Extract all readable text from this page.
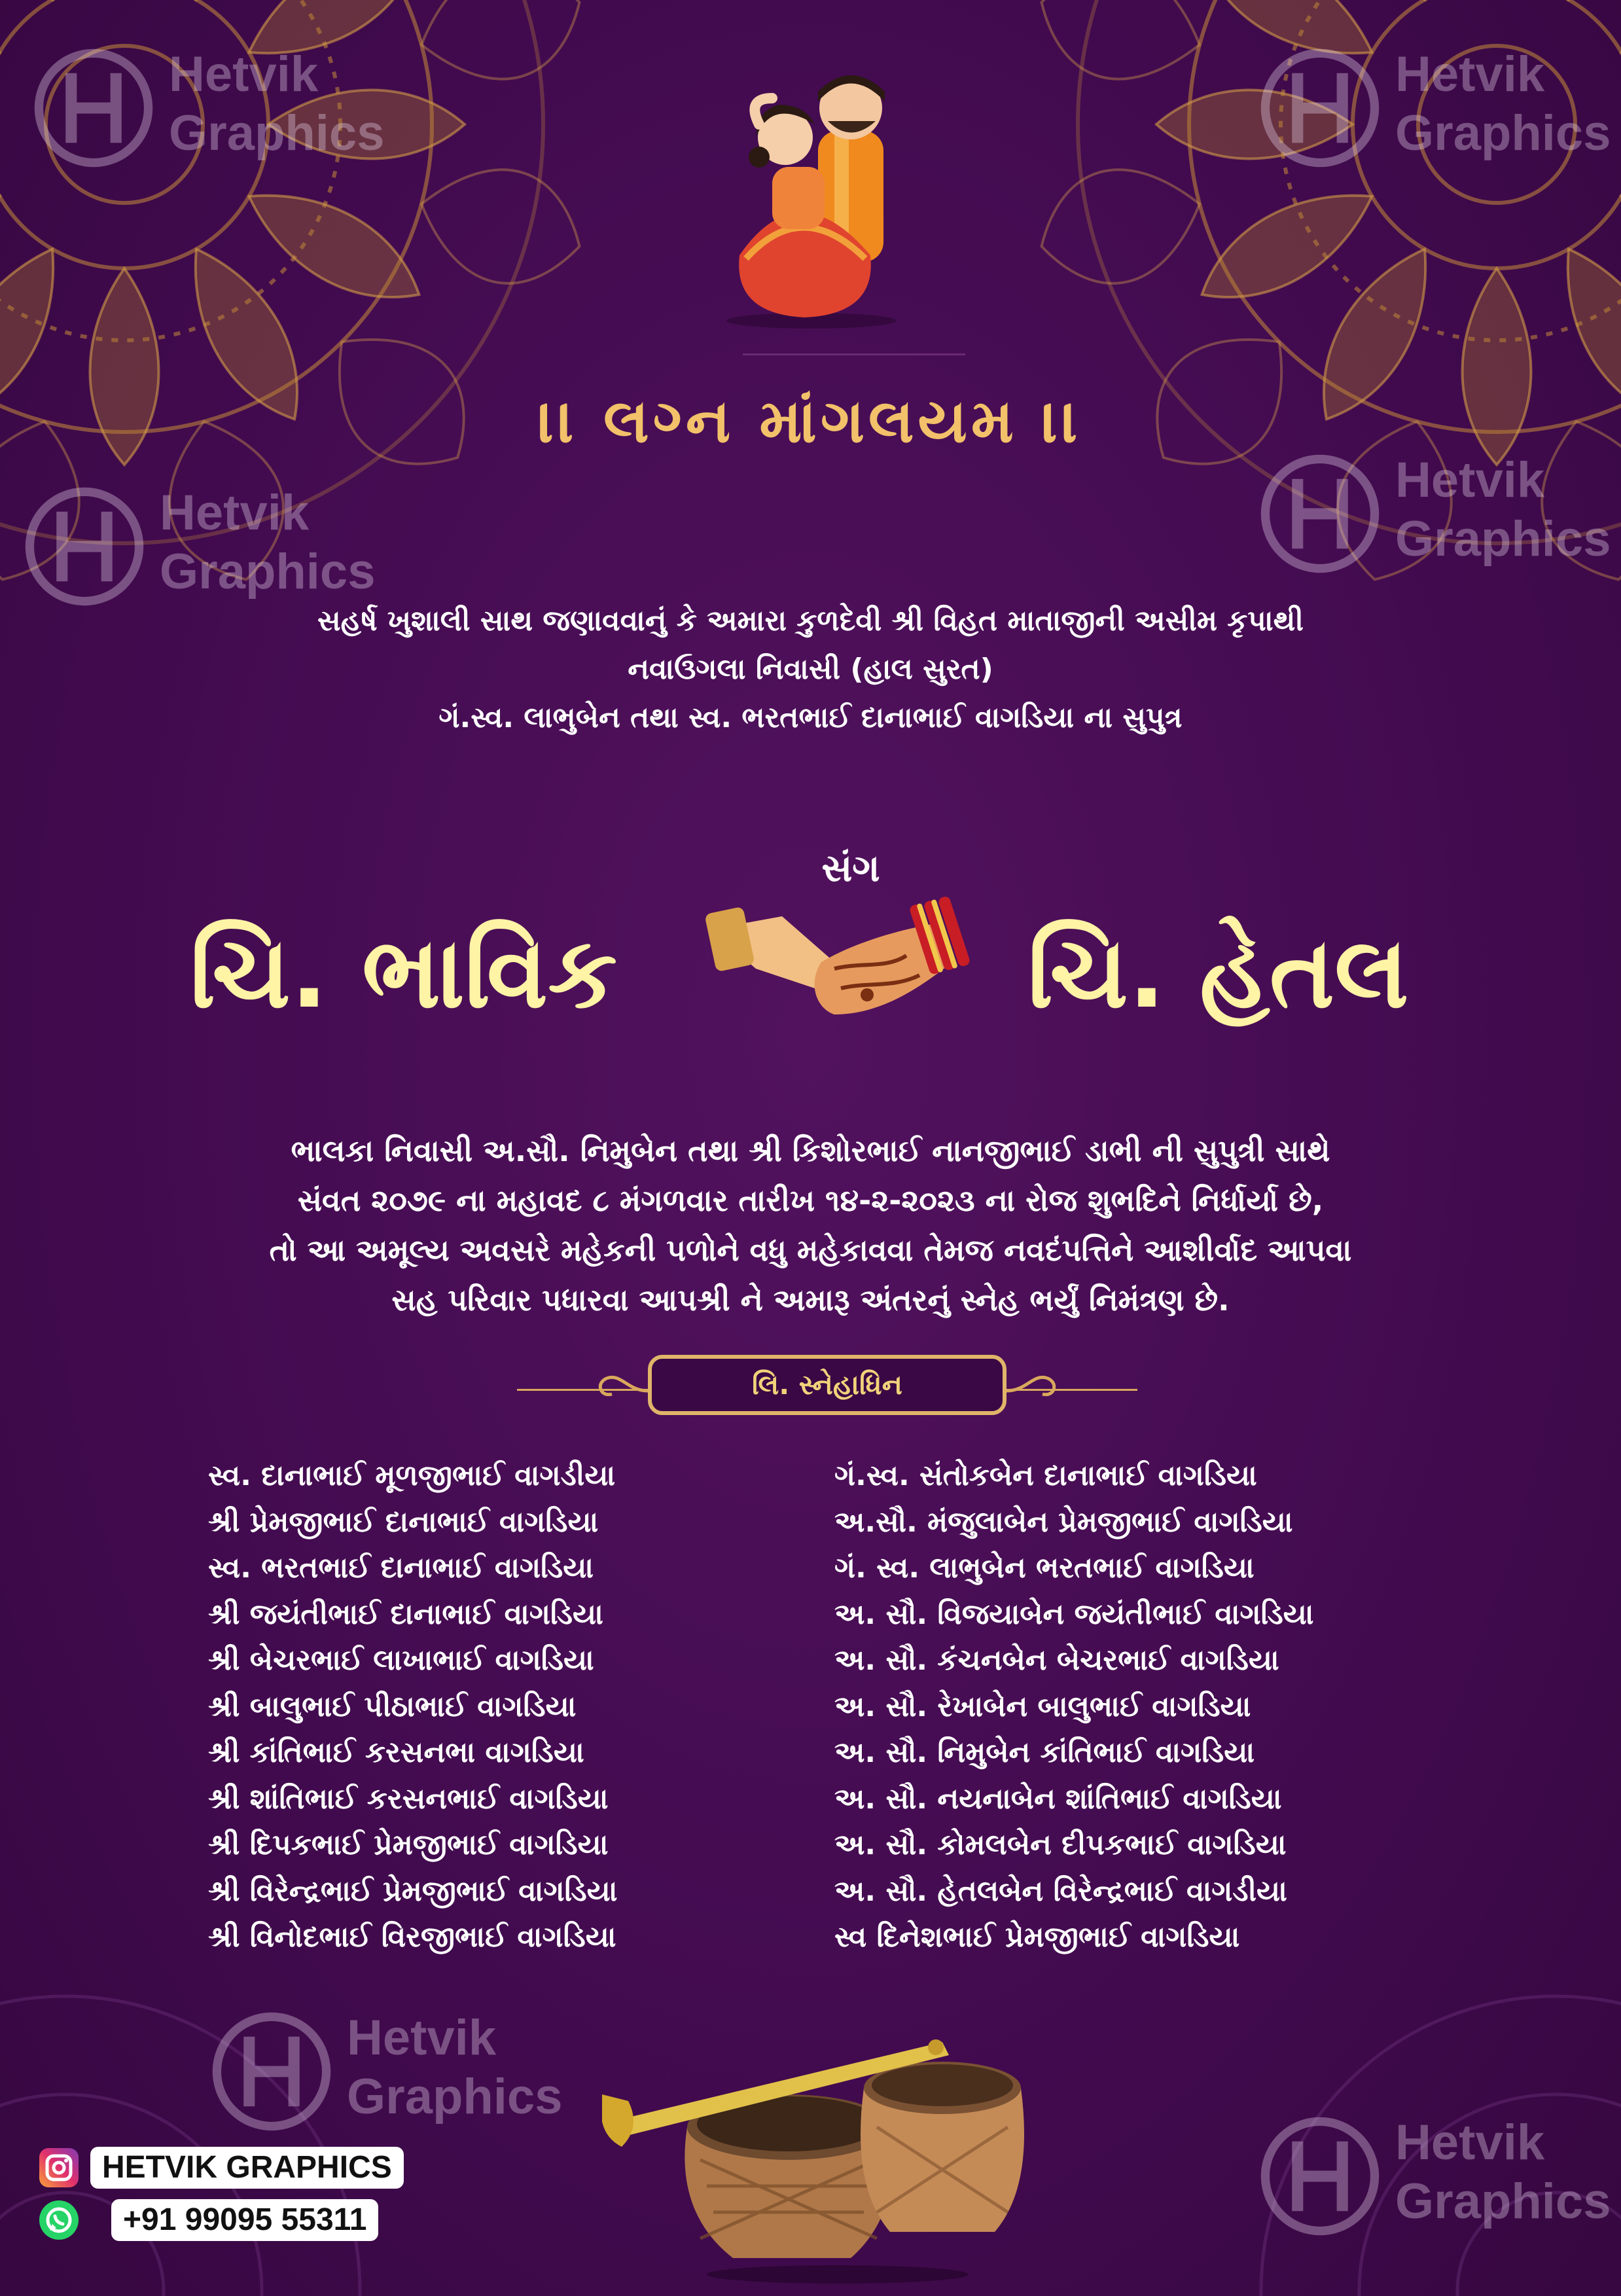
Hetvik
Graphics
Hetvik
Graphics
Hetvik
Graphics
Hetvik
Graphics
Hetvik
Graphics
Hetvik
Graphics
।। લગ્ન માંગલયમ ।।
સહર્ષ ખુશાલી સાથ જણાવવાનું કે અમારા કુળદેવી શ્રી વિહત માતાજીની અસીમ કૃપાથી
નવાઉગલા નિવાસી (હાલ સુરત)
ગં.સ્વ. લાભુબેન તથા સ્વ. ભરતભાઈ દાનાભાઈ વાગડિયા ના સુપુત્ર
ચિ. ભાવિક
સંગ
ચિ. હેતલ
ભાલકા નિવાસી અ.સૌ. નિમુબેન તથા શ્રી કિશોરભાઈ નાનજીભાઈ ડાભી ની સુપુત્રી સાથે
સંવત ૨૦૭૯ ના મહાવદ ૮ મંગળવાર તારીખ ૧૪-૨-૨૦૨૩ ના રોજ શુભદિને નિર્ધાર્યા છે,
તો આ અમૂલ્ય અવસરે મહેકની પળોને વધુ મહેકાવવા તેમજ નવદંપત્તિને આશીર્વાદ આપવા
સહ પરિવાર પધારવા આપશ્રી ને અમારૂ અંતરનું સ્નેહ ભર્યું નિમંત્રણ છે.
લિ. સ્નેહાધિન
સ્વ. દાનાભાઈ મૂળજીભાઈ વાગડીયા
શ્રી પ્રેમજીભાઈ દાનાભાઈ વાગડિયા
સ્વ. ભરતભાઈ દાનાભાઈ વાગડિયા
શ્રી જયંતીભાઈ દાનાભાઈ વાગડિયા
શ્રી બેચરભાઈ લાખાભાઈ વાગડિયા
શ્રી બાલુભાઈ પીઠાભાઈ વાગડિયા
શ્રી કાંતિભાઈ કરસનભા વાગડિયા
શ્રી શાંતિભાઈ કરસનભાઈ વાગડિયા
શ્રી દિપકભાઈ પ્રેમજીભાઈ વાગડિયા
શ્રી વિરેન્દ્રભાઈ પ્રેમજીભાઈ વાગડિયા
શ્રી વિનોદભાઈ વિરજીભાઈ વાગડિયા
ગં.સ્વ. સંતોકબેન દાનાભાઈ વાગડિયા
અ.સૌ. મંજુલાબેન પ્રેમજીભાઈ વાગડિયા
ગં. સ્વ. લાભુબેન ભરતભાઈ વાગડિયા
અ. સૌ. વિજયાબેન જયંતીભાઈ વાગડિયા
અ. સૌ. કંચનબેન બેચરભાઈ વાગડિયા
અ. સૌ. રેખાબેન બાલુભાઈ વાગડિયા
અ. સૌ. નિમુબેન કાંતિભાઈ વાગડિયા
અ. સૌ. નયનાબેન શાંતિભાઈ વાગડિયા
અ. સૌ. કોમલબેન દીપકભાઈ વાગડિયા
અ. સૌ. હેતલબેન વિરેન્દ્રભાઈ વાગડીયા
સ્વ દિનેશભાઈ પ્રેમજીભાઈ વાગડિયા
HETVIK GRAPHICS
+91 99095 55311
